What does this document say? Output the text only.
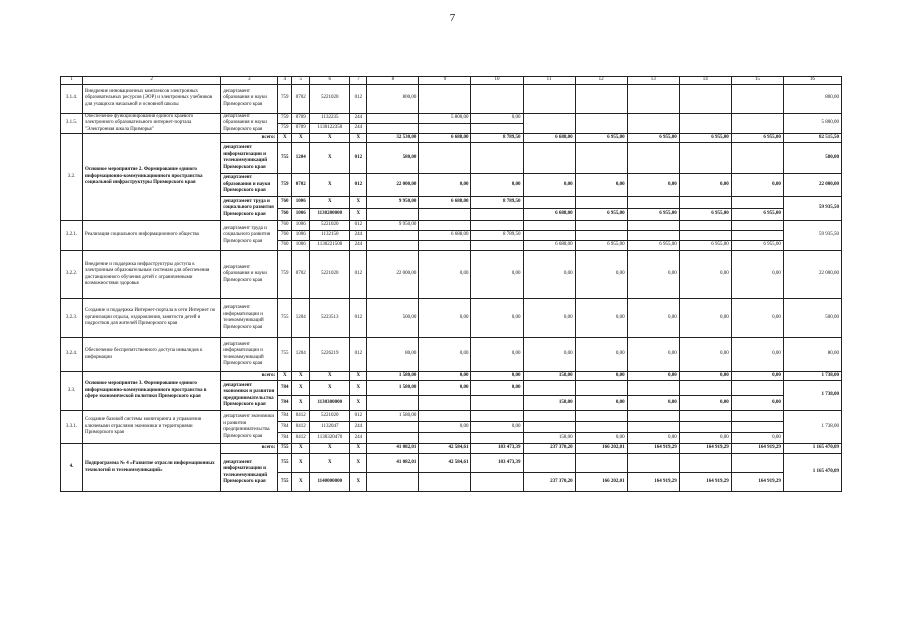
7
1	2	3	4	5	6	7	8	9	10	11	12	13	14	15	16
3.1.4.	Внедрение инновационных комплексов электронных образовательных ресурсов (ЭОР) и электронных учебников для учащихся начальной и основной школы	департамент образования и науки Приморского края	759	0702	5221020	012	800,00								800,00

3.1.5.	Обеспечение функционирования единого краевого электронного образовательного интернет-портала "Электронная школа Приморья"	департамент образования и науки Приморского края	759	0709	1132235	244		5 800,00	0,00						5 800,00
			759	0709	1130122350	244									
3.2.	Основное мероприятие 2. Формирование единого информационно-коммуникационного пространства социальной инфраструктуры Приморского края	всего:	X	X	X	X	32 530,00	6 688,00	8 789,50	6 688,00	6 955,00	6 955,00	6 955,00	6 955,00	82 515,50
		департамент информатизации и телекоммуникаций Приморского края	755	1204	X	012	580,00								580,00
		департамент образования и науки Приморского края	759	0702	X	012	22 000,00	0,00	0,00	0,00	0,00	0,00	0,00	0,00	22 000,00
		департамент труда и социального развития Приморского края	760	1006	X	X	9 950,00	6 688,00	8 789,50						59 935,50
			760	1006	1130200000	X				6 688,00	6 955,00	6 955,00	6 955,00	6 955,00	

3.2.1.	Реализация социального информационного общества	департамент труда и социального развития Приморского края	760	1006	5221020	012	9 950,00								59 935,50
			760	1006	1132150	244		6 688,00	8 789,50						
			760	1006	1130221500	244				6 688,00	6 955,00	6 955,00	6 955,00	6 955,00	
3.2.2.	Внедрение и поддержка инфраструктуры доступа к электронным образовательным системам для обеспечения дистанционного обучения детей с ограниченными возможностями здоровья	департамент образования и науки Приморского края	759	0702	5221020	012	22 000,00	0,00	0,00	0,00	0,00	0,00	0,00	0,00	22 000,00
3.2.3.	Создание и поддержка Интернет-портала в сети Интернет по организации отдыха, оздоровления, занятости детей и подростков для жителей Приморского края	департамент информатизации и телекоммуникаций Приморского края	755	1204	5223513	012	500,00	0,00	0,00	0,00	0,00	0,00	0,00	0,00	500,00
3.2.4.	Обеспечение беспрепятственного доступа инвалидов к информации	департамент информатизации и телекоммуникаций Приморского края	755	1204	5226219	012	80,00	0,00	0,00	0,00	0,00	0,00	0,00	0,00	80,00
3.3.	Основное мероприятие 3. Формирование единого информационно-коммуникационного пространства в сфере экономической политики Приморского края	всего:	X	X	X	X	1 580,00	0,00	0,00	158,00	0,00	0,00	0,00	0,00	1 738,00
		департамент экономики и развития предпринимательства Приморского края	784	X	X	X	1 580,00	0,00	0,00						1 738,00

			784	X	1130300000	X				158,00	0,00	0,00	0,00	0,00	
3.3.1.	Создание базовой системы мониторинга и управления ключевыми отраслями экономики и территориями Приморского края	департамент экономики и развития предпринимательства Приморского края	784	0412	5221020	012	1 580,00								1 738,00
			784	0412	1132047	244		0,00	0,00						
			784	0412	1130320470	244				158,00	0,00	0,00	0,00	0,00	
4.	Подпрограмма № 4 «Развитие отрасли информационных технологий и телекоммуникаций»	всего:	755	X	X	X	41 082,01	42 584,61	183 473,39	237 370,20	166 202,01	164 919,29	164 919,29	164 919,29	1 165 470,09
		департамент информатизации и телекоммуникаций Приморского края	755	X	X	X	41 082,01	42 584,61	183 473,39						1 165 470,09
			755	X	1140000000	X				237 370,20	166 202,01	164 919,29	164 919,29	164 919,29	
